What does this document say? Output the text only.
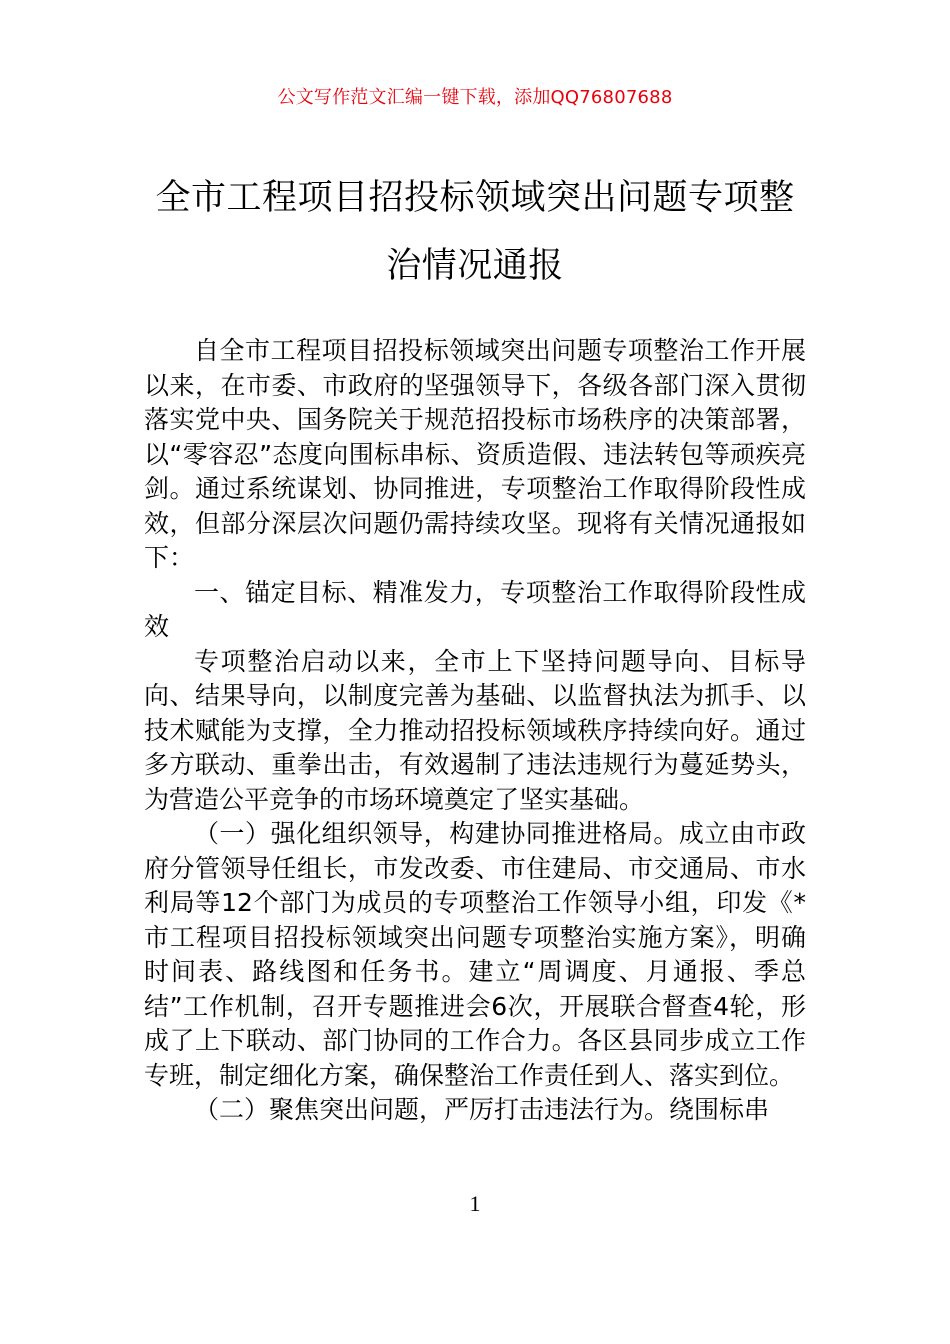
公文写作范文汇编一键下载，添加QQ76807688
全市工程项目招投标领域突出问题专项整治情况通报

自全市工程项目招投标领域突出问题专项整治工作开展以来，在市委、市政府的坚强领导下，各级各部门深入贯彻落实党中央、国务院关于规范招投标市场秩序的决策部署，以“零容忍”态度向围标串标、资质造假、违法转包等顽疾亮剑。通过系统谋划、协同推进，专项整治工作取得阶段性成效，但部分深层次问题仍需持续攻坚。现将有关情况通报如下：

一、锚定目标、精准发力，专项整治工作取得阶段性成效

专项整治启动以来，全市上下坚持问题导向、目标导向、结果导向，以制度完善为基础、以监督执法为抓手、以技术赋能为支撑，全力推动招投标领域秩序持续向好。通过多方联动、重拳出击，有效遏制了违法违规行为蔓延势头，为营造公平竞争的市场环境奠定了坚实基础。

（一）强化组织领导，构建协同推进格局。成立由市政府分管领导任组长，市发改委、市住建局、市交通局、市水利局等12个部门为成员的专项整治工作领导小组，印发《*市工程项目招投标领域突出问题专项整治实施方案》，明确时间表、路线图和任务书。建立“周调度、月通报、季总结”工作机制，召开专题推进会6次，开展联合督查4轮，形成了上下联动、部门协同的工作合力。各区县同步成立工作专班，制定细化方案，确保整治工作责任到人、落实到位。

（二）聚焦突出问题，严厉打击违法行为。绕围标串

1
